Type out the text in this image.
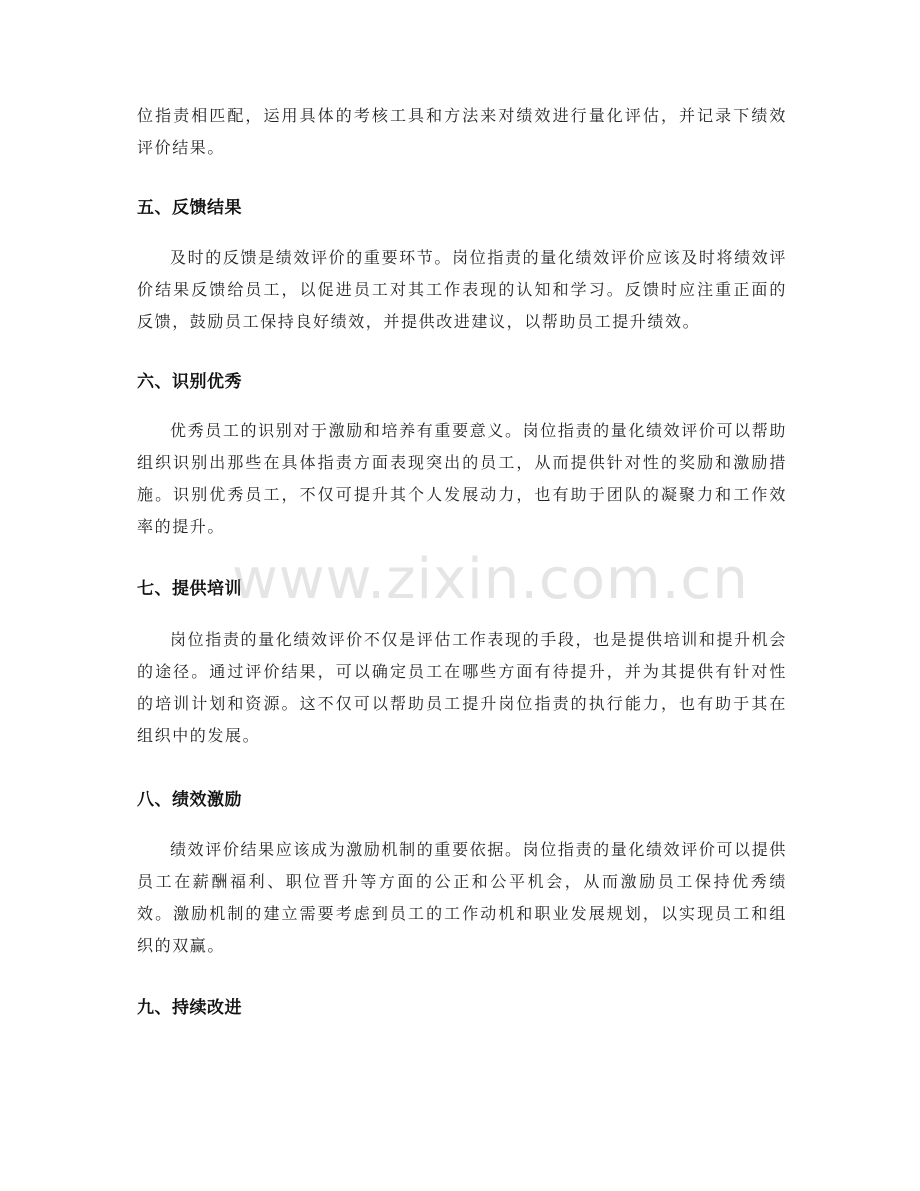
位指责相匹配，运用具体的考核工具和方法来对绩效进行量化评估，并记录下绩效评价结果。

五、反馈结果

及时的反馈是绩效评价的重要环节。岗位指责的量化绩效评价应该及时将绩效评价结果反馈给员工，以促进员工对其工作表现的认知和学习。反馈时应注重正面的反馈，鼓励员工保持良好绩效，并提供改进建议，以帮助员工提升绩效。

六、识别优秀

优秀员工的识别对于激励和培养有重要意义。岗位指责的量化绩效评价可以帮助组织识别出那些在具体指责方面表现突出的员工，从而提供针对性的奖励和激励措施。识别优秀员工，不仅可提升其个人发展动力，也有助于团队的凝聚力和工作效率的提升。

七、提供培训

岗位指责的量化绩效评价不仅是评估工作表现的手段，也是提供培训和提升机会的途径。通过评价结果，可以确定员工在哪些方面有待提升，并为其提供有针对性的培训计划和资源。这不仅可以帮助员工提升岗位指责的执行能力，也有助于其在组织中的发展。

八、绩效激励

绩效评价结果应该成为激励机制的重要依据。岗位指责的量化绩效评价可以提供员工在薪酬福利、职位晋升等方面的公正和公平机会，从而激励员工保持优秀绩效。激励机制的建立需要考虑到员工的工作动机和职业发展规划，以实现员工和组织的双赢。

九、持续改进
www.zixin.com.cn
